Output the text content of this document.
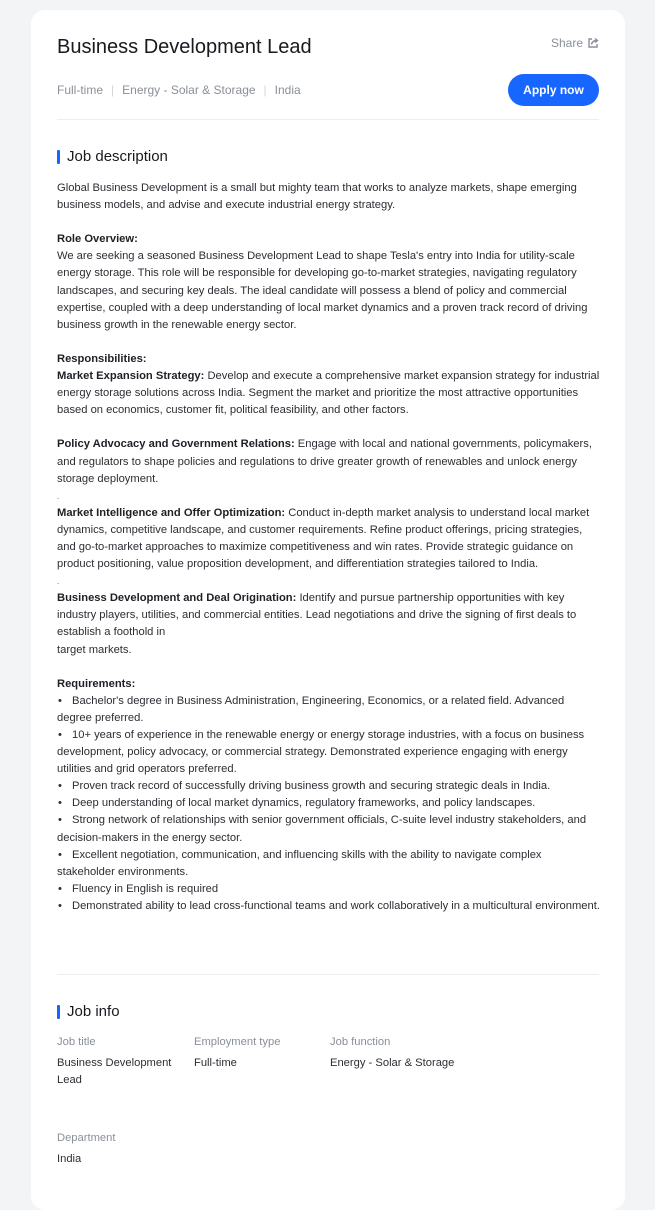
Business Development Lead	Share
Full-time | Energy - Solar & Storage | India	Apply now
Job description

Global Business Development is a small but mighty team that works to analyze markets, shape emerging business models, and advise and execute industrial energy strategy.

Role Overview:

We are seeking a seasoned Business Development Lead to shape Tesla's entry into India for utility-scale energy storage. This role will be responsible for developing go-to-market strategies, navigating regulatory landscapes, and securing key deals. The ideal candidate will possess a blend of policy and commercial expertise, coupled with a deep understanding of local market dynamics and a proven track record of driving business growth in the renewable energy sector.

Responsibilities:

Market Expansion Strategy: Develop and execute a comprehensive market expansion strategy for industrial energy storage solutions across India. Segment the market and prioritize the most attractive opportunities based on economics, customer fit, political feasibility, and other factors.

Policy Advocacy and Government Relations: Engage with local and national governments, policymakers, and regulators to shape policies and regulations to drive greater growth of renewables and unlock energy storage deployment.

.

Market Intelligence and Offer Optimization: Conduct in-depth market analysis to understand local market dynamics, competitive landscape, and customer requirements. Refine product offerings, pricing strategies, and go-to-market approaches to maximize competitiveness and win rates. Provide strategic guidance on product positioning, value proposition development, and differentiation strategies tailored to India.

.

Business Development and Deal Origination: Identify and pursue partnership opportunities with key industry players, utilities, and commercial entities. Lead negotiations and drive the signing of first deals to establish a foothold in
target markets.

Requirements:

• Bachelor's degree in Business Administration, Engineering, Economics, or a related field. Advanced degree preferred.
• 10+ years of experience in the renewable energy or energy storage industries, with a focus on business development, policy advocacy, or commercial strategy. Demonstrated experience engaging with energy utilities and grid operators preferred.
• Proven track record of successfully driving business growth and securing strategic deals in India.
• Deep understanding of local market dynamics, regulatory frameworks, and policy landscapes.
• Strong network of relationships with senior government officials, C-suite level industry stakeholders, and decision-makers in the energy sector.
• Excellent negotiation, communication, and influencing skills with the ability to navigate complex stakeholder environments.
• Fluency in English is required
• Demonstrated ability to lead cross-functional teams and work collaboratively in a multicultural environment.
Job info
Job title
Business Development Lead
Employment type
Full-time
Job function
Energy - Solar & Storage
Department
India
